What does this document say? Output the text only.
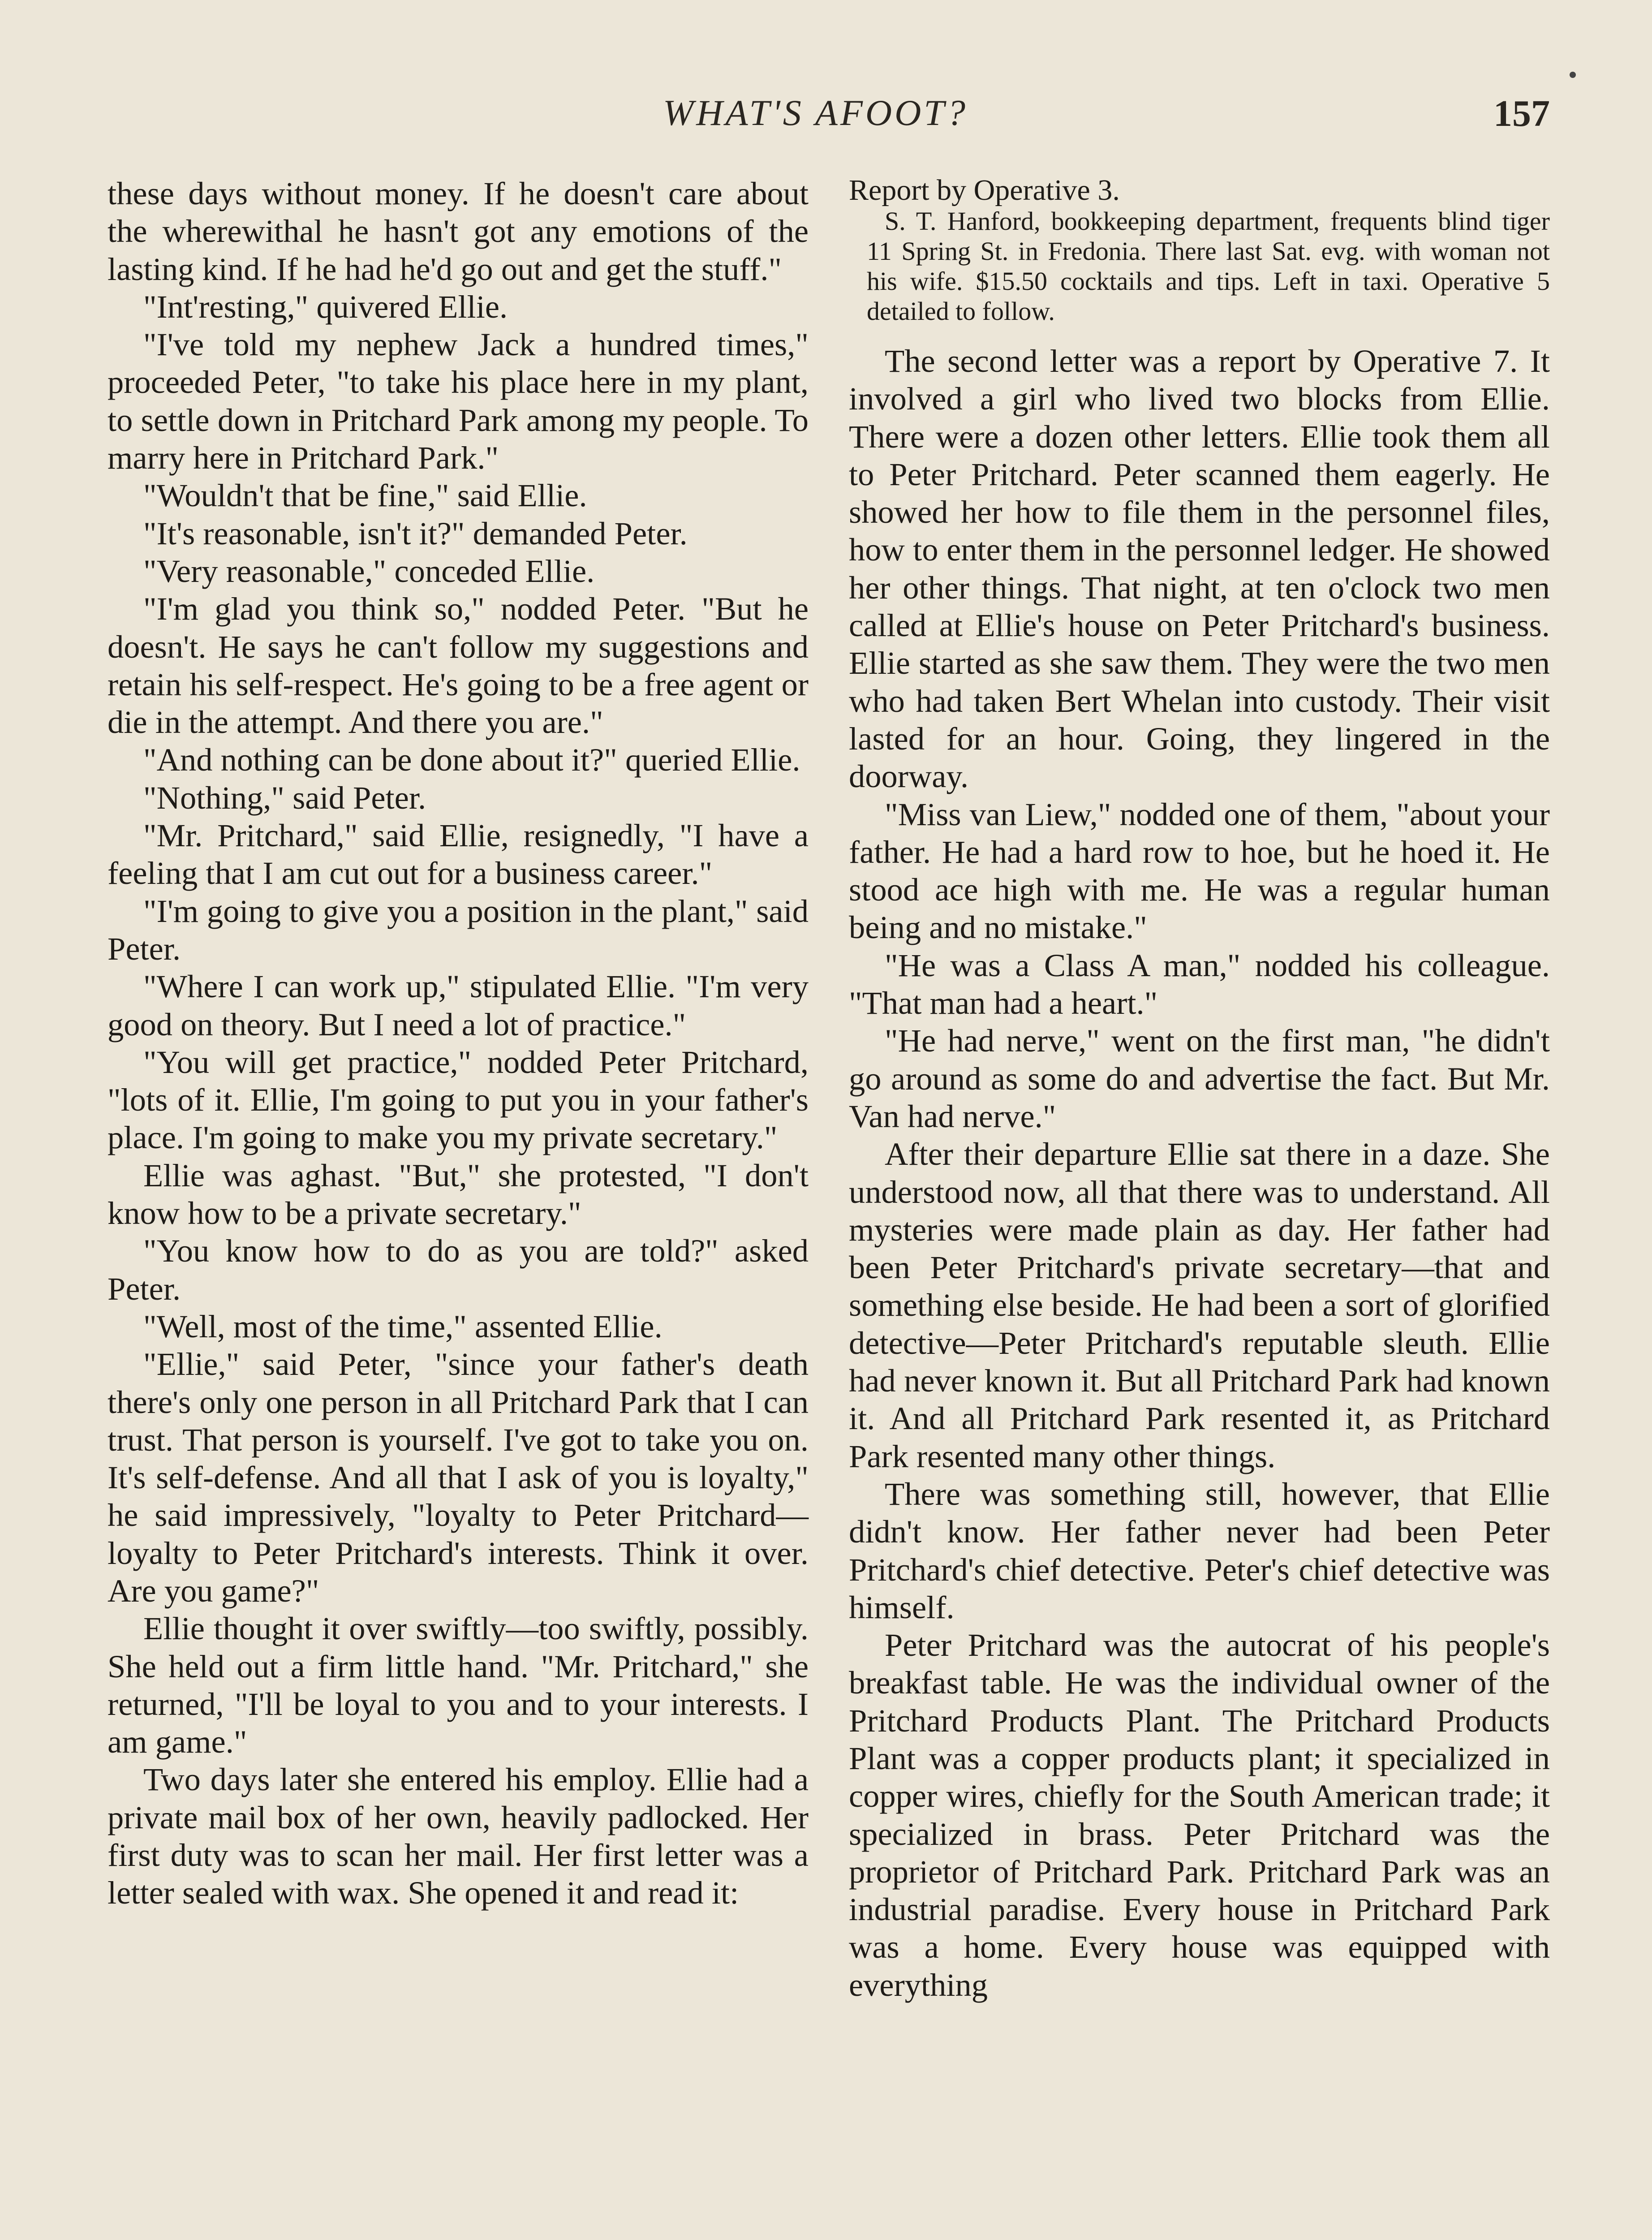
WHAT'S AFOOT?	157

these days without money. If he doesn't care about the wherewithal he hasn't got any emotions of the lasting kind. If he had he'd go out and get the stuff."

"Int'resting," quivered Ellie.

"I've told my nephew Jack a hundred times," proceeded Peter, "to take his place here in my plant, to settle down in Pritchard Park among my people. To marry here in Pritchard Park."

"Wouldn't that be fine," said Ellie.

"It's reasonable, isn't it?" demanded Peter.

"Very reasonable," conceded Ellie.

"I'm glad you think so," nodded Peter. "But he doesn't. He says he can't follow my suggestions and retain his self-respect. He's going to be a free agent or die in the attempt. And there you are."

"And nothing can be done about it?" queried Ellie.

"Nothing," said Peter.

"Mr. Pritchard," said Ellie, resignedly, "I have a feeling that I am cut out for a business career."

"I'm going to give you a position in the plant," said Peter.

"Where I can work up," stipulated Ellie. "I'm very good on theory. But I need a lot of practice."

"You will get practice," nodded Peter Pritchard, "lots of it. Ellie, I'm going to put you in your father's place. I'm going to make you my private secretary."

Ellie was aghast. "But," she protested, "I don't know how to be a private secretary."

"You know how to do as you are told?" asked Peter.

"Well, most of the time," assented Ellie.

"Ellie," said Peter, "since your father's death there's only one person in all Pritchard Park that I can trust. That person is yourself. I've got to take you on. It's self-defense. And all that I ask of you is loyalty," he said impressively, "loyalty to Peter Pritchard—loyalty to Peter Pritchard's interests. Think it over. Are you game?"

Ellie thought it over swiftly—too swiftly, possibly. She held out a firm little hand. "Mr. Pritchard," she returned, "I'll be loyal to you and to your interests. I am game."

Two days later she entered his employ. Ellie had a private mail box of her own, heavily padlocked. Her first duty was to scan her mail. Her first letter was a letter sealed with wax. She opened it and read it:

Report by Operative 3.

S. T. Hanford, bookkeeping department, frequents blind tiger 11 Spring St. in Fredonia. There last Sat. evg. with woman not his wife. $15.50 cocktails and tips. Left in taxi. Operative 5 detailed to follow.

The second letter was a report by Operative 7. It involved a girl who lived two blocks from Ellie. There were a dozen other letters. Ellie took them all to Peter Pritchard. Peter scanned them eagerly. He showed her how to file them in the personnel files, how to enter them in the personnel ledger. He showed her other things. That night, at ten o'clock two men called at Ellie's house on Peter Pritchard's business. Ellie started as she saw them. They were the two men who had taken Bert Whelan into custody. Their visit lasted for an hour. Going, they lingered in the doorway.

"Miss van Liew," nodded one of them, "about your father. He had a hard row to hoe, but he hoed it. He stood ace high with me. He was a regular human being and no mistake."

"He was a Class A man," nodded his colleague. "That man had a heart."

"He had nerve," went on the first man, "he didn't go around as some do and advertise the fact. But Mr. Van had nerve."

After their departure Ellie sat there in a daze. She understood now, all that there was to understand. All mysteries were made plain as day. Her father had been Peter Pritchard's private secretary—that and something else beside. He had been a sort of glorified detective—Peter Pritchard's reputable sleuth. Ellie had never known it. But all Pritchard Park had known it. And all Pritchard Park resented it, as Pritchard Park resented many other things.

There was something still, however, that Ellie didn't know. Her father never had been Peter Pritchard's chief detective. Peter's chief detective was himself.

Peter Pritchard was the autocrat of his people's breakfast table. He was the individual owner of the Pritchard Products Plant. The Pritchard Products Plant was a copper products plant; it specialized in copper wires, chiefly for the South American trade; it specialized in brass. Peter Pritchard was the proprietor of Pritchard Park. Pritchard Park was an industrial paradise. Every house in Pritchard Park was a home. Every house was equipped with everything
